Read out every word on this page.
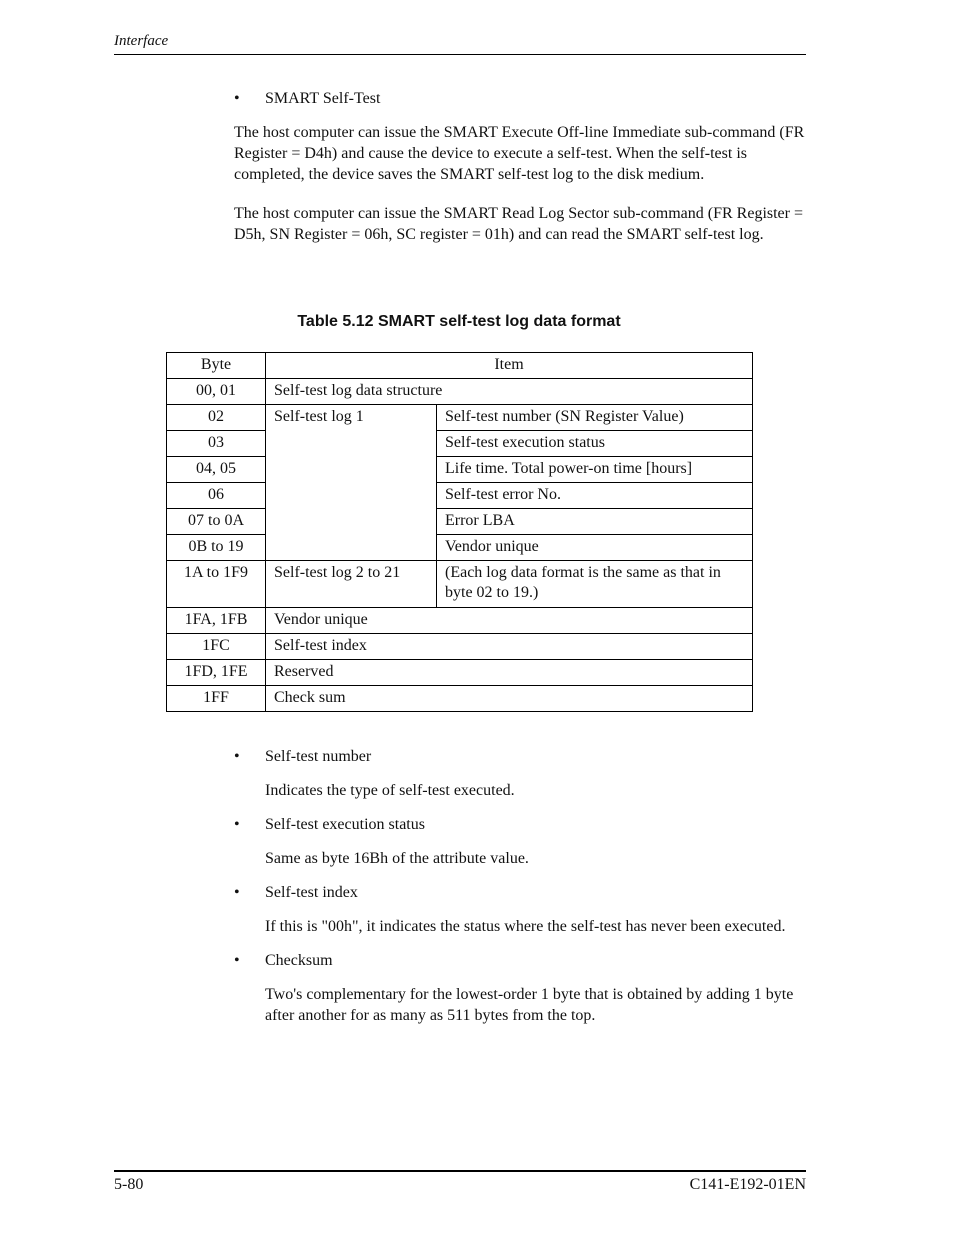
Interface
• SMART Self-Test

The host computer can issue the SMART Execute Off-line Immediate sub-command (FR Register = D4h) and cause the device to execute a self-test. When the self-test is completed, the device saves the SMART self-test log to the disk medium.

The host computer can issue the SMART Read Log Sector sub-command (FR Register = D5h, SN Register = 06h, SC register = 01h) and can read the SMART self-test log.

Table 5.12 SMART self-test log data format
Byte	Item	
00, 01	Self-test log data structure	
02	Self-test log 1	Self-test number (SN Register Value)
03		Self-test execution status
04, 05		Life time. Total power-on time [hours]
06		Self-test error No.
07 to 0A		Error LBA
0B to 19		Vendor unique
1A to 1F9	Self-test log 2 to 21	(Each log data format is the same as that in byte 02 to 19.)
1FA, 1FB	Vendor unique	
1FC	Self-test index	
1FD, 1FE	Reserved	
1FF	Check sum	
• Self-test number

Indicates the type of self-test executed.

• Self-test execution status

Same as byte 16Bh of the attribute value.

• Self-test index

If this is "00h", it indicates the status where the self-test has never been executed.

• Checksum

Two's complementary for the lowest-order 1 byte that is obtained by adding 1 byte after another for as many as 511 bytes from the top.

5-80	C141-E192-01EN
